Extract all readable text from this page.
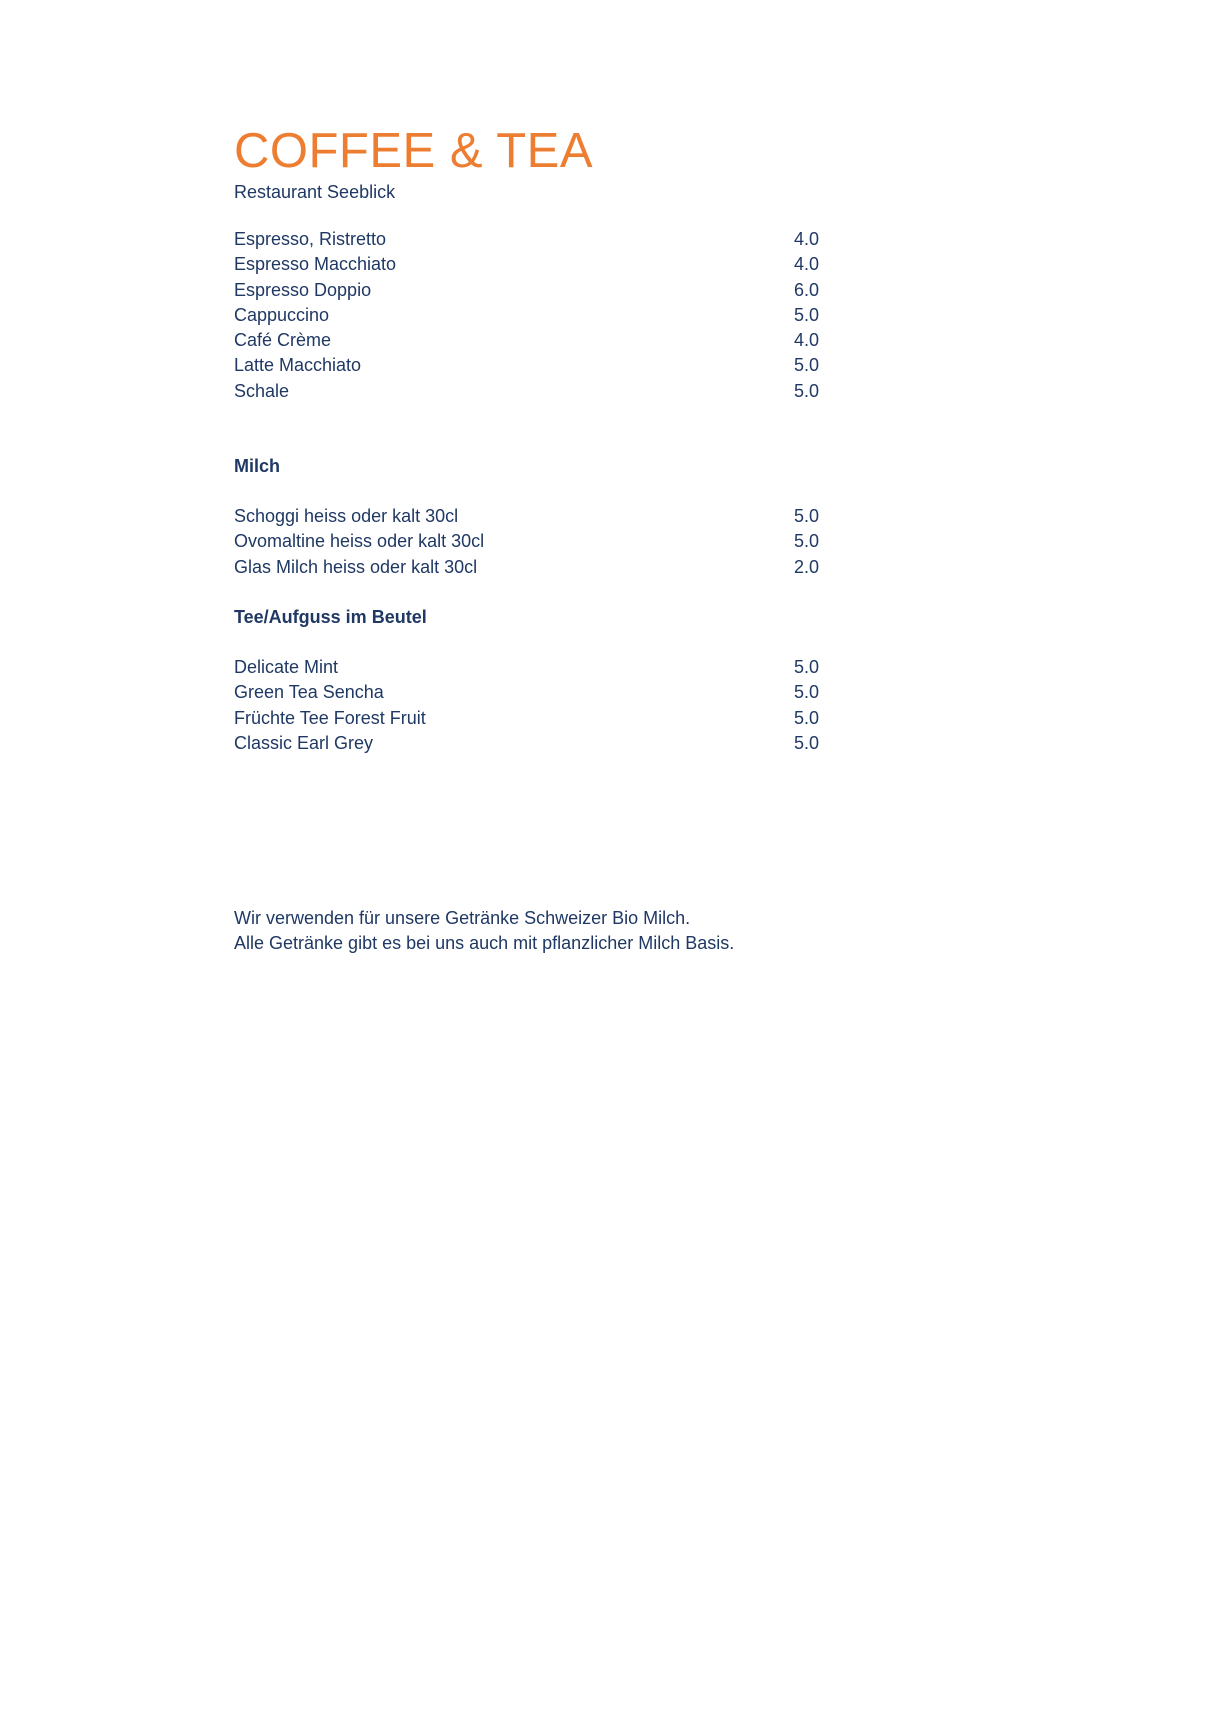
COFFEE & TEA

Restaurant Seeblick

Espresso, Ristretto	4.0
Espresso Macchiato	4.0
Espresso Doppio	6.0
Cappuccino	5.0
Café Crème	4.0
Latte Macchiato	5.0
Schale	5.0
Milch
Schoggi heiss oder kalt 30cl	5.0
Ovomaltine heiss oder kalt 30cl	5.0
Glas Milch heiss oder kalt 30cl	2.0
Tee/Aufguss im Beutel
Delicate Mint	5.0
Green Tea Sencha	5.0
Früchte Tee Forest Fruit	5.0
Classic Earl Grey	5.0

Wir verwenden für unsere Getränke Schweizer Bio Milch.

Alle Getränke gibt es bei uns auch mit pflanzlicher Milch Basis.
